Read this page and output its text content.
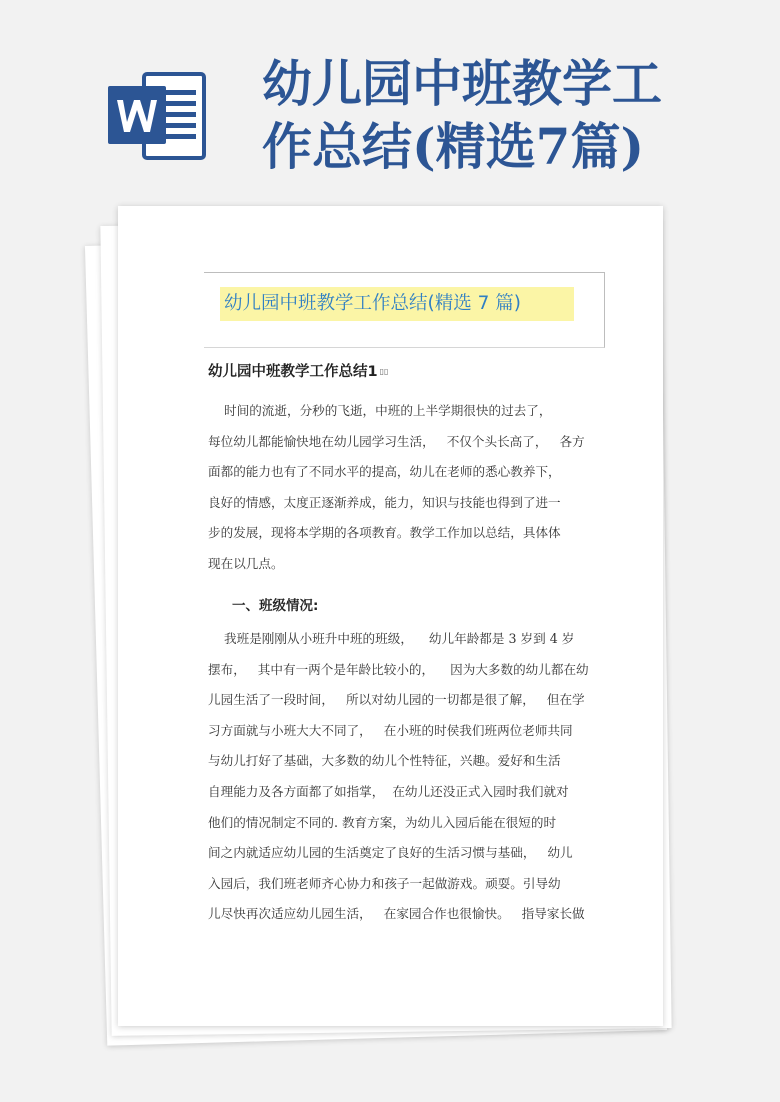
幼儿园中班教学工
作总结(精选7篇)
幼儿园中班教学工作总结(精选 7 篇)
幼儿园中班教学工作总结1 ▯▯
时间的流逝，分秒的飞逝，中班的上半学期很快的过去了，
每位幼儿都能愉快地在幼儿园学习生活，   不仅个头长高了，   各方
面都的能力也有了不同水平的提高，幼儿在老师的悉心教养下，
良好的情感，太度正逐渐养成，能力，知识与技能也得到了进一
步的发展，现将本学期的各项教育。教学工作加以总结，具体体
现在以几点。
一、班级情况:
我班是刚刚从小班升中班的班级，    幼儿年龄都是 3 岁到 4 岁
摆布，   其中有一两个是年龄比较小的，    因为大多数的幼儿都在幼
儿园生活了一段时间，   所以对幼儿园的一切都是很了解，   但在学
习方面就与小班大大不同了，   在小班的时侯我们班两位老师共同
与幼儿打好了基础，大多数的幼儿个性特征，兴趣。爱好和生活
自理能力及各方面都了如指掌，  在幼儿还没正式入园时我们就对
他们的情况制定不同的. 教育方案，为幼儿入园后能在很短的时
间之内就适应幼儿园的生活奠定了良好的生活习惯与基础，   幼儿
入园后，我们班老师齐心协力和孩子一起做游戏。顽耍。引导幼
儿尽快再次适应幼儿园生活，   在家园合作也很愉快。   指导家长做
